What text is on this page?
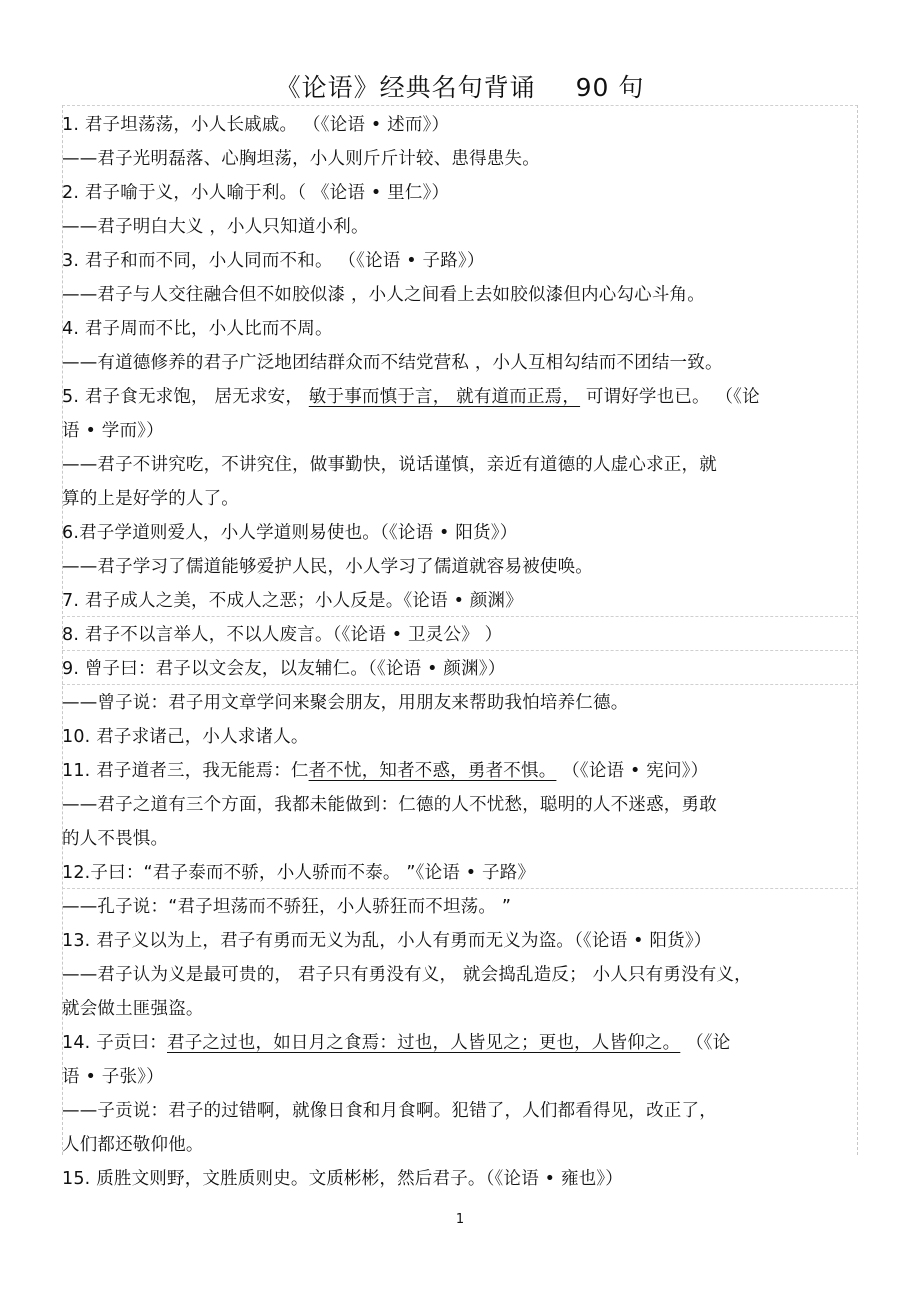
《论语》经典名句背诵 90 句
1. 君子坦荡荡，小人长戚戚。 （《论语 • 述而》）
——君子光明磊落、心胸坦荡，小人则斤斤计较、患得患失。
2. 君子喻于义，小人喻于利。（ 《论语 • 里仁》）
——君子明白大义 ，小人只知道小利。
3. 君子和而不同，小人同而不和。 （《论语 • 子路》）
——君子与人交往融合但不如胶似漆 ，小人之间看上去如胶似漆但内心勾心斗角。
4. 君子周而不比，小人比而不周。
——有道德修养的君子广泛地团结群众而不结党营私 ，小人互相勾结而不团结一致。
5. 君子食无求饱， 居无求安， 敏于事而慎于言， 就有道而正焉， 可谓好学也已。 （《论
语 • 学而》）
——君子不讲究吃，不讲究住，做事勤快，说话谨慎，亲近有道德的人虚心求正，就
算的上是好学的人了。
6.君子学道则爱人，小人学道则易使也。（《论语 • 阳货》）
——君子学习了儒道能够爱护人民，小人学习了儒道就容易被使唤。
7. 君子成人之美，不成人之恶；小人反是。《论语 • 颜渊》
8. 君子不以言举人，不以人废言。（《论语 • 卫灵公》 ）
9. 曾子曰：君子以文会友，以友辅仁。（《论语 • 颜渊》）
——曾子说：君子用文章学问来聚会朋友，用朋友来帮助我怕培养仁德。
10. 君子求诸己，小人求诸人。
11. 君子道者三，我无能焉：仁者不忧，知者不惑，勇者不惧。 （《论语 • 宪问》）
——君子之道有三个方面，我都未能做到：仁德的人不忧愁，聪明的人不迷惑，勇敢
的人不畏惧。
12.子曰：“君子泰而不骄，小人骄而不泰。 ”《论语 • 子路》
——孔子说：“君子坦荡而不骄狂，小人骄狂而不坦荡。 ”
13. 君子义以为上，君子有勇而无义为乱，小人有勇而无义为盗。（《论语 • 阳货》）
——君子认为义是最可贵的， 君子只有勇没有义， 就会捣乱造反； 小人只有勇没有义，
就会做土匪强盗。
14. 子贡曰：君子之过也，如日月之食焉：过也，人皆见之；更也，人皆仰之。 （《论
语 • 子张》）
——子贡说：君子的过错啊，就像日食和月食啊。犯错了，人们都看得见，改正了，
人们都还敬仰他。
15. 质胜文则野，文胜质则史。文质彬彬，然后君子。（《论语 • 雍也》）
1
